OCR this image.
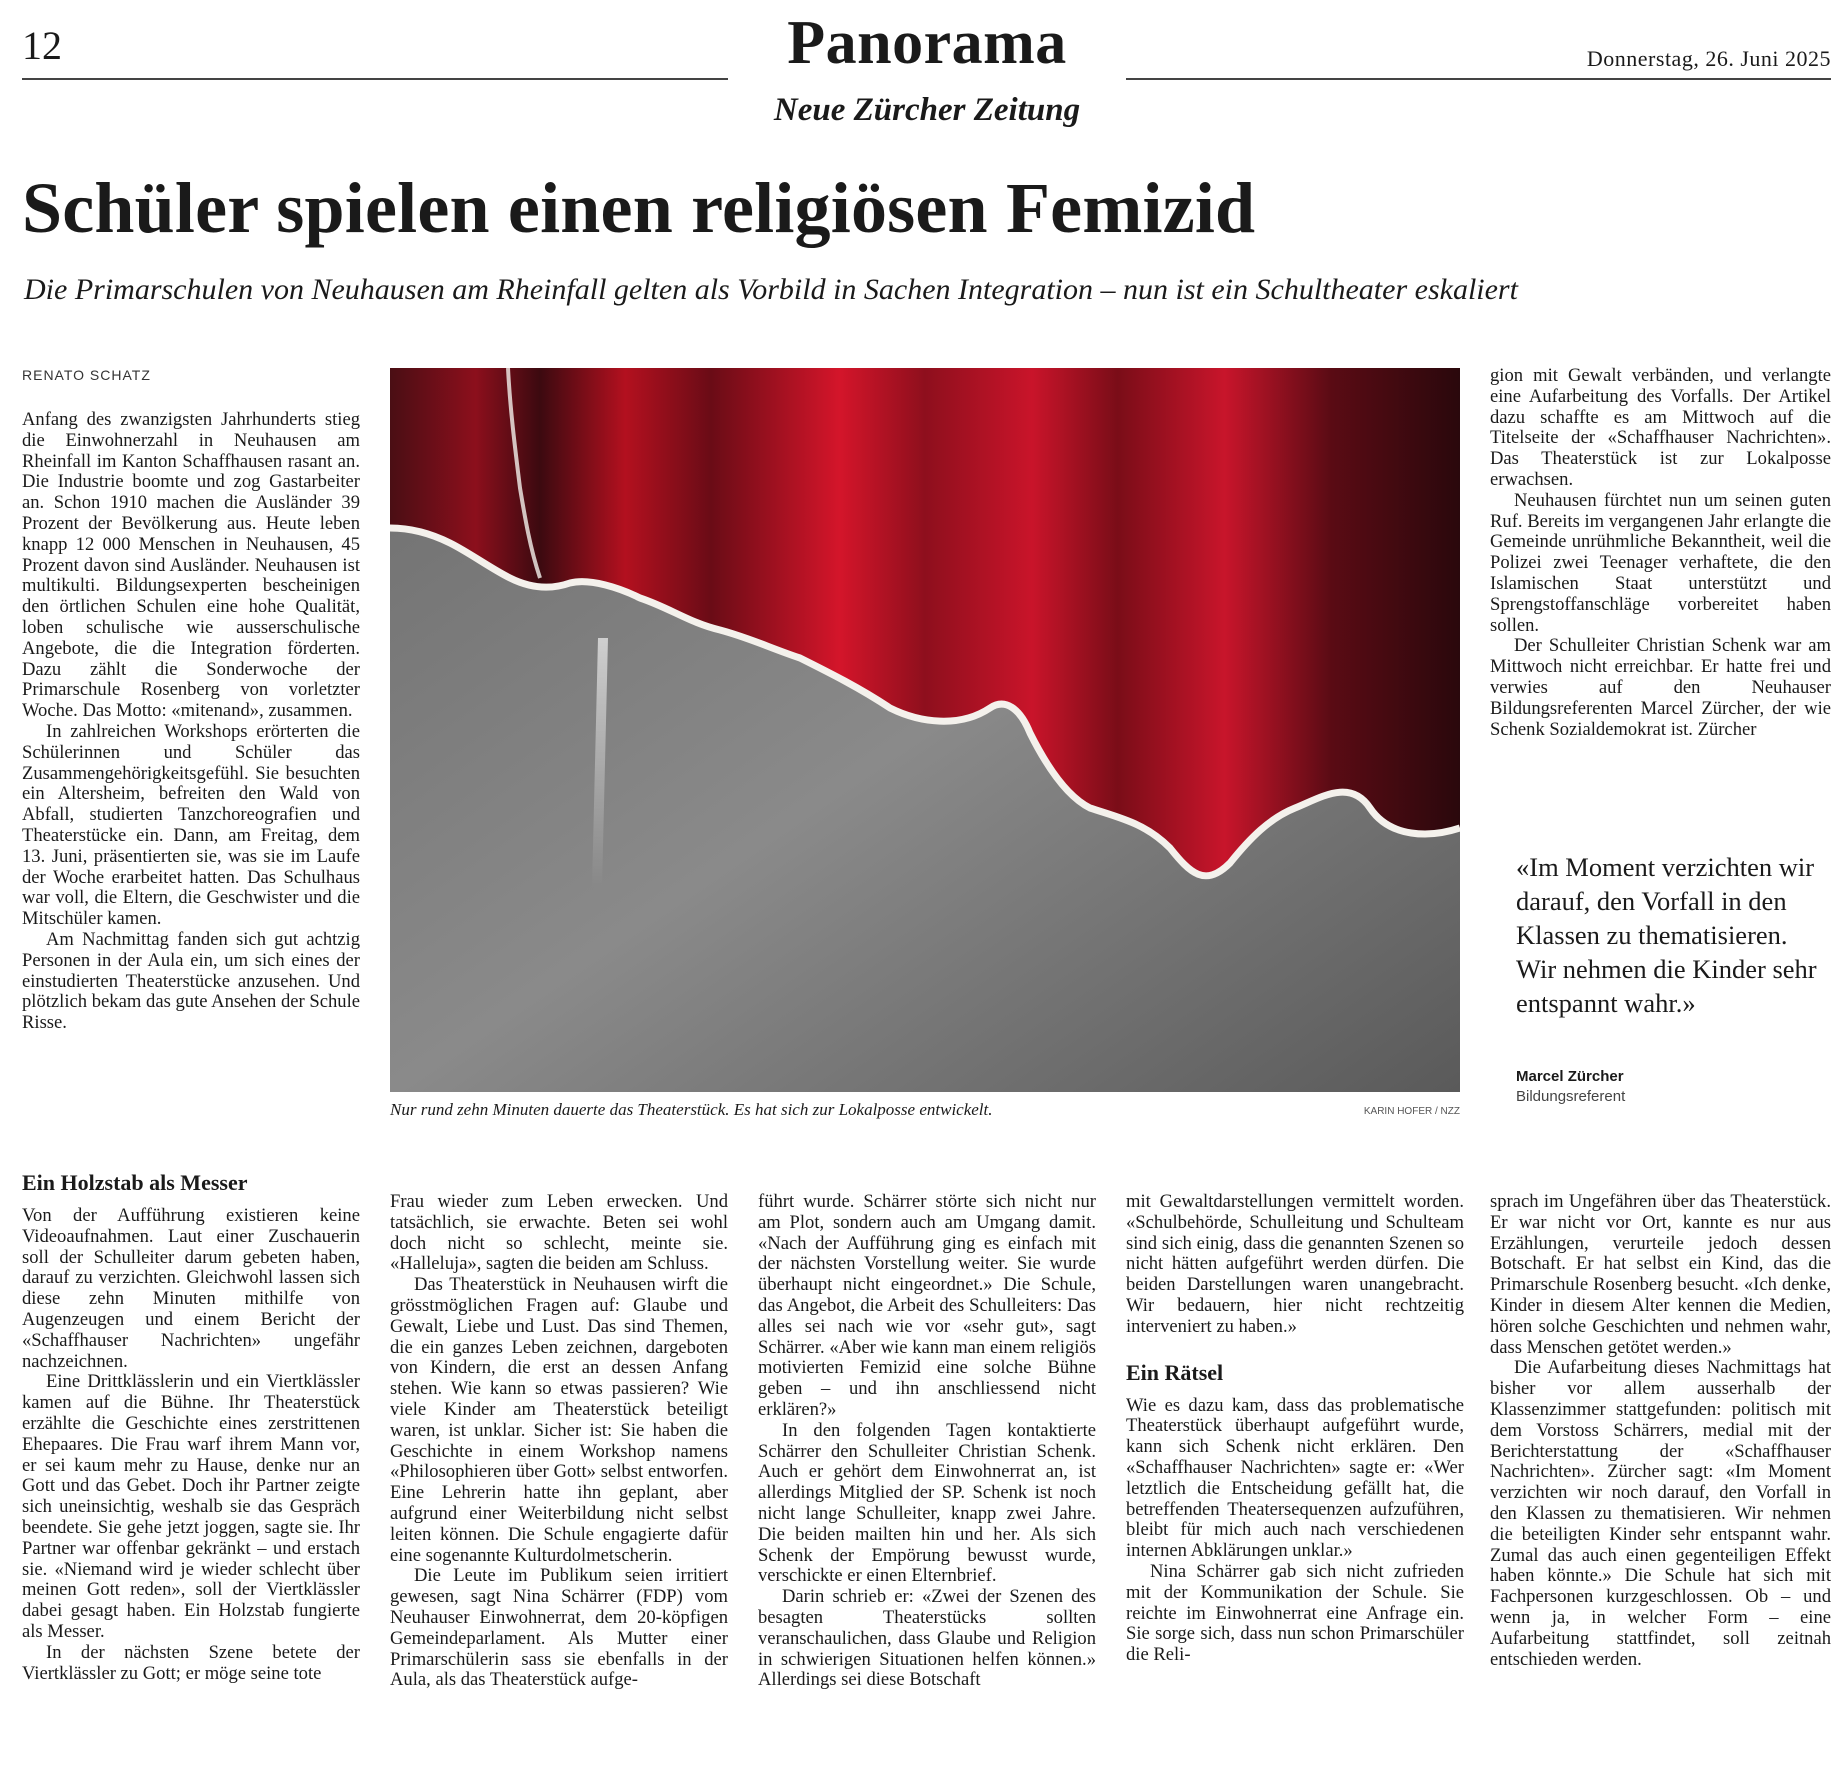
12	Panorama
Neue Zürcher Zeitung
Donnerstag, 26. Juni 2025
Schüler spielen einen religiösen Femizid
Die Primarschulen von Neuhausen am Rheinfall gelten als Vorbild in Sachen Integration – nun ist ein Schultheater eskaliert
RENATO SCHATZ

Anfang des zwanzigsten Jahrhunderts stieg die Einwohnerzahl in Neuhausen am Rheinfall im Kanton Schaffhausen rasant an. Die Industrie boomte und zog Gastarbeiter an. Schon 1910 machen die Ausländer 39 Prozent der Bevölkerung aus. Heute leben knapp 12 000 Menschen in Neuhausen, 45 Prozent davon sind Ausländer. Neuhausen ist multikulti. Bildungsexperten bescheinigen den örtlichen Schulen eine hohe Qualität, loben schulische wie ausserschulische Angebote, die die Integration förderten. Dazu zählt die Sonderwoche der Primarschule Rosenberg von vorletzter Woche. Das Motto: «mitenand», zusammen.

In zahlreichen Workshops erörterten die Schülerinnen und Schüler das Zusammengehörigkeitsgefühl. Sie besuchten ein Altersheim, befreiten den Wald von Abfall, studierten Tanzchoreografien und Theaterstücke ein. Dann, am Freitag, dem 13. Juni, präsentierten sie, was sie im Laufe der Woche erarbeitet hatten. Das Schulhaus war voll, die Eltern, die Geschwister und die Mitschüler kamen.

Am Nachmittag fanden sich gut achtzig Personen in der Aula ein, um sich eines der einstudierten Theaterstücke anzusehen. Und plötzlich bekam das gute Ansehen der Schule Risse.

Nur rund zehn Minuten dauerte das Theaterstück. Es hat sich zur Lokalposse entwickelt.	KARIN HOFER / NZZ

gion mit Gewalt verbänden, und verlangte eine Aufarbeitung des Vorfalls. Der Artikel dazu schaffte es am Mittwoch auf die Titelseite der «Schaffhauser Nachrichten». Das Theaterstück ist zur Lokalposse erwachsen.

Neuhausen fürchtet nun um seinen guten Ruf. Bereits im vergangenen Jahr erlangte die Gemeinde unrühmliche Bekanntheit, weil die Polizei zwei Teenager verhaftete, die den Islamischen Staat unterstützt und Sprengstoffanschläge vorbereitet haben sollen.

Der Schulleiter Christian Schenk war am Mittwoch nicht erreichbar. Er hatte frei und verwies auf den Neuhauser Bildungsreferenten Marcel Zürcher, der wie Schenk Sozialdemokrat ist. Zürcher

«Im Moment verzichten wir darauf, den Vorfall in den Klassen zu thematisieren. Wir nehmen die Kinder sehr entspannt wahr.»
Marcel Zürcher
Bildungsreferent
Ein Holzstab als Messer

Von der Aufführung existieren keine Videoaufnahmen. Laut einer Zuschauerin soll der Schulleiter darum gebeten haben, darauf zu verzichten. Gleichwohl lassen sich diese zehn Minuten mithilfe von Augenzeugen und einem Bericht der «Schaffhauser Nachrichten» ungefähr nachzeichnen.

Eine Drittklässlerin und ein Viertklässler kamen auf die Bühne. Ihr Theaterstück erzählte die Geschichte eines zerstrittenen Ehepaares. Die Frau warf ihrem Mann vor, er sei kaum mehr zu Hause, denke nur an Gott und das Gebet. Doch ihr Partner zeigte sich uneinsichtig, weshalb sie das Gespräch beendete. Sie gehe jetzt joggen, sagte sie. Ihr Partner war offenbar gekränkt – und erstach sie. «Niemand wird je wieder schlecht über meinen Gott reden», soll der Viertklässler dabei gesagt haben. Ein Holzstab fungierte als Messer.

In der nächsten Szene betete der Viertklässler zu Gott; er möge seine tote

Frau wieder zum Leben erwecken. Und tatsächlich, sie erwachte. Beten sei wohl doch nicht so schlecht, meinte sie. «Halleluja», sagten die beiden am Schluss.

Das Theaterstück in Neuhausen wirft die grösstmöglichen Fragen auf: Glaube und Gewalt, Liebe und Lust. Das sind Themen, die ein ganzes Leben zeichnen, dargeboten von Kindern, die erst an dessen Anfang stehen. Wie kann so etwas passieren? Wie viele Kinder am Theaterstück beteiligt waren, ist unklar. Sicher ist: Sie haben die Geschichte in einem Workshop namens «Philosophieren über Gott» selbst entworfen. Eine Lehrerin hatte ihn geplant, aber aufgrund einer Weiterbildung nicht selbst leiten können. Die Schule engagierte dafür eine sogenannte Kulturdolmetscherin.

Die Leute im Publikum seien irritiert gewesen, sagt Nina Schärrer (FDP) vom Neuhauser Einwohnerrat, dem 20-köpfigen Gemeindeparlament. Als Mutter einer Primarschülerin sass sie ebenfalls in der Aula, als das Theaterstück aufge-

führt wurde. Schärrer störte sich nicht nur am Plot, sondern auch am Umgang damit. «Nach der Aufführung ging es einfach mit der nächsten Vorstellung weiter. Sie wurde überhaupt nicht eingeordnet.» Die Schule, das Angebot, die Arbeit des Schulleiters: Das alles sei nach wie vor «sehr gut», sagt Schärrer. «Aber wie kann man einem religiös motivierten Femizid eine solche Bühne geben – und ihn anschliessend nicht erklären?»

In den folgenden Tagen kontaktierte Schärrer den Schulleiter Christian Schenk. Auch er gehört dem Einwohnerrat an, ist allerdings Mitglied der SP. Schenk ist noch nicht lange Schulleiter, knapp zwei Jahre. Die beiden mailten hin und her. Als sich Schenk der Empörung bewusst wurde, verschickte er einen Elternbrief.

Darin schrieb er: «Zwei der Szenen des besagten Theaterstücks sollten veranschaulichen, dass Glaube und Religion in schwierigen Situationen helfen können.» Allerdings sei diese Botschaft

mit Gewaltdarstellungen vermittelt worden. «Schulbehörde, Schulleitung und Schulteam sind sich einig, dass die genannten Szenen so nicht hätten aufgeführt werden dürfen. Die beiden Darstellungen waren unangebracht. Wir bedauern, hier nicht rechtzeitig interveniert zu haben.»

Ein Rätsel

Wie es dazu kam, dass das problematische Theaterstück überhaupt aufgeführt wurde, kann sich Schenk nicht erklären. Den «Schaffhauser Nachrichten» sagte er: «Wer letztlich die Entscheidung gefällt hat, die betreffenden Theatersequenzen aufzuführen, bleibt für mich auch nach verschiedenen internen Abklärungen unklar.»

Nina Schärrer gab sich nicht zufrieden mit der Kommunikation der Schule. Sie reichte im Einwohnerrat eine Anfrage ein. Sie sorge sich, dass nun schon Primarschüler die Reli-

sprach im Ungefähren über das Theaterstück. Er war nicht vor Ort, kannte es nur aus Erzählungen, verurteile jedoch dessen Botschaft. Er hat selbst ein Kind, das die Primarschule Rosenberg besucht. «Ich denke, Kinder in diesem Alter kennen die Medien, hören solche Geschichten und nehmen wahr, dass Menschen getötet werden.»

Die Aufarbeitung dieses Nachmittags hat bisher vor allem ausserhalb der Klassenzimmer stattgefunden: politisch mit dem Vorstoss Schärrers, medial mit der Berichterstattung der «Schaffhauser Nachrichten». Zürcher sagt: «Im Moment verzichten wir noch darauf, den Vorfall in den Klassen zu thematisieren. Wir nehmen die beteiligten Kinder sehr entspannt wahr. Zumal das auch einen gegenteiligen Effekt haben könnte.» Die Schule hat sich mit Fachpersonen kurzgeschlossen. Ob – und wenn ja, in welcher Form – eine Aufarbeitung stattfindet, soll zeitnah entschieden werden.
